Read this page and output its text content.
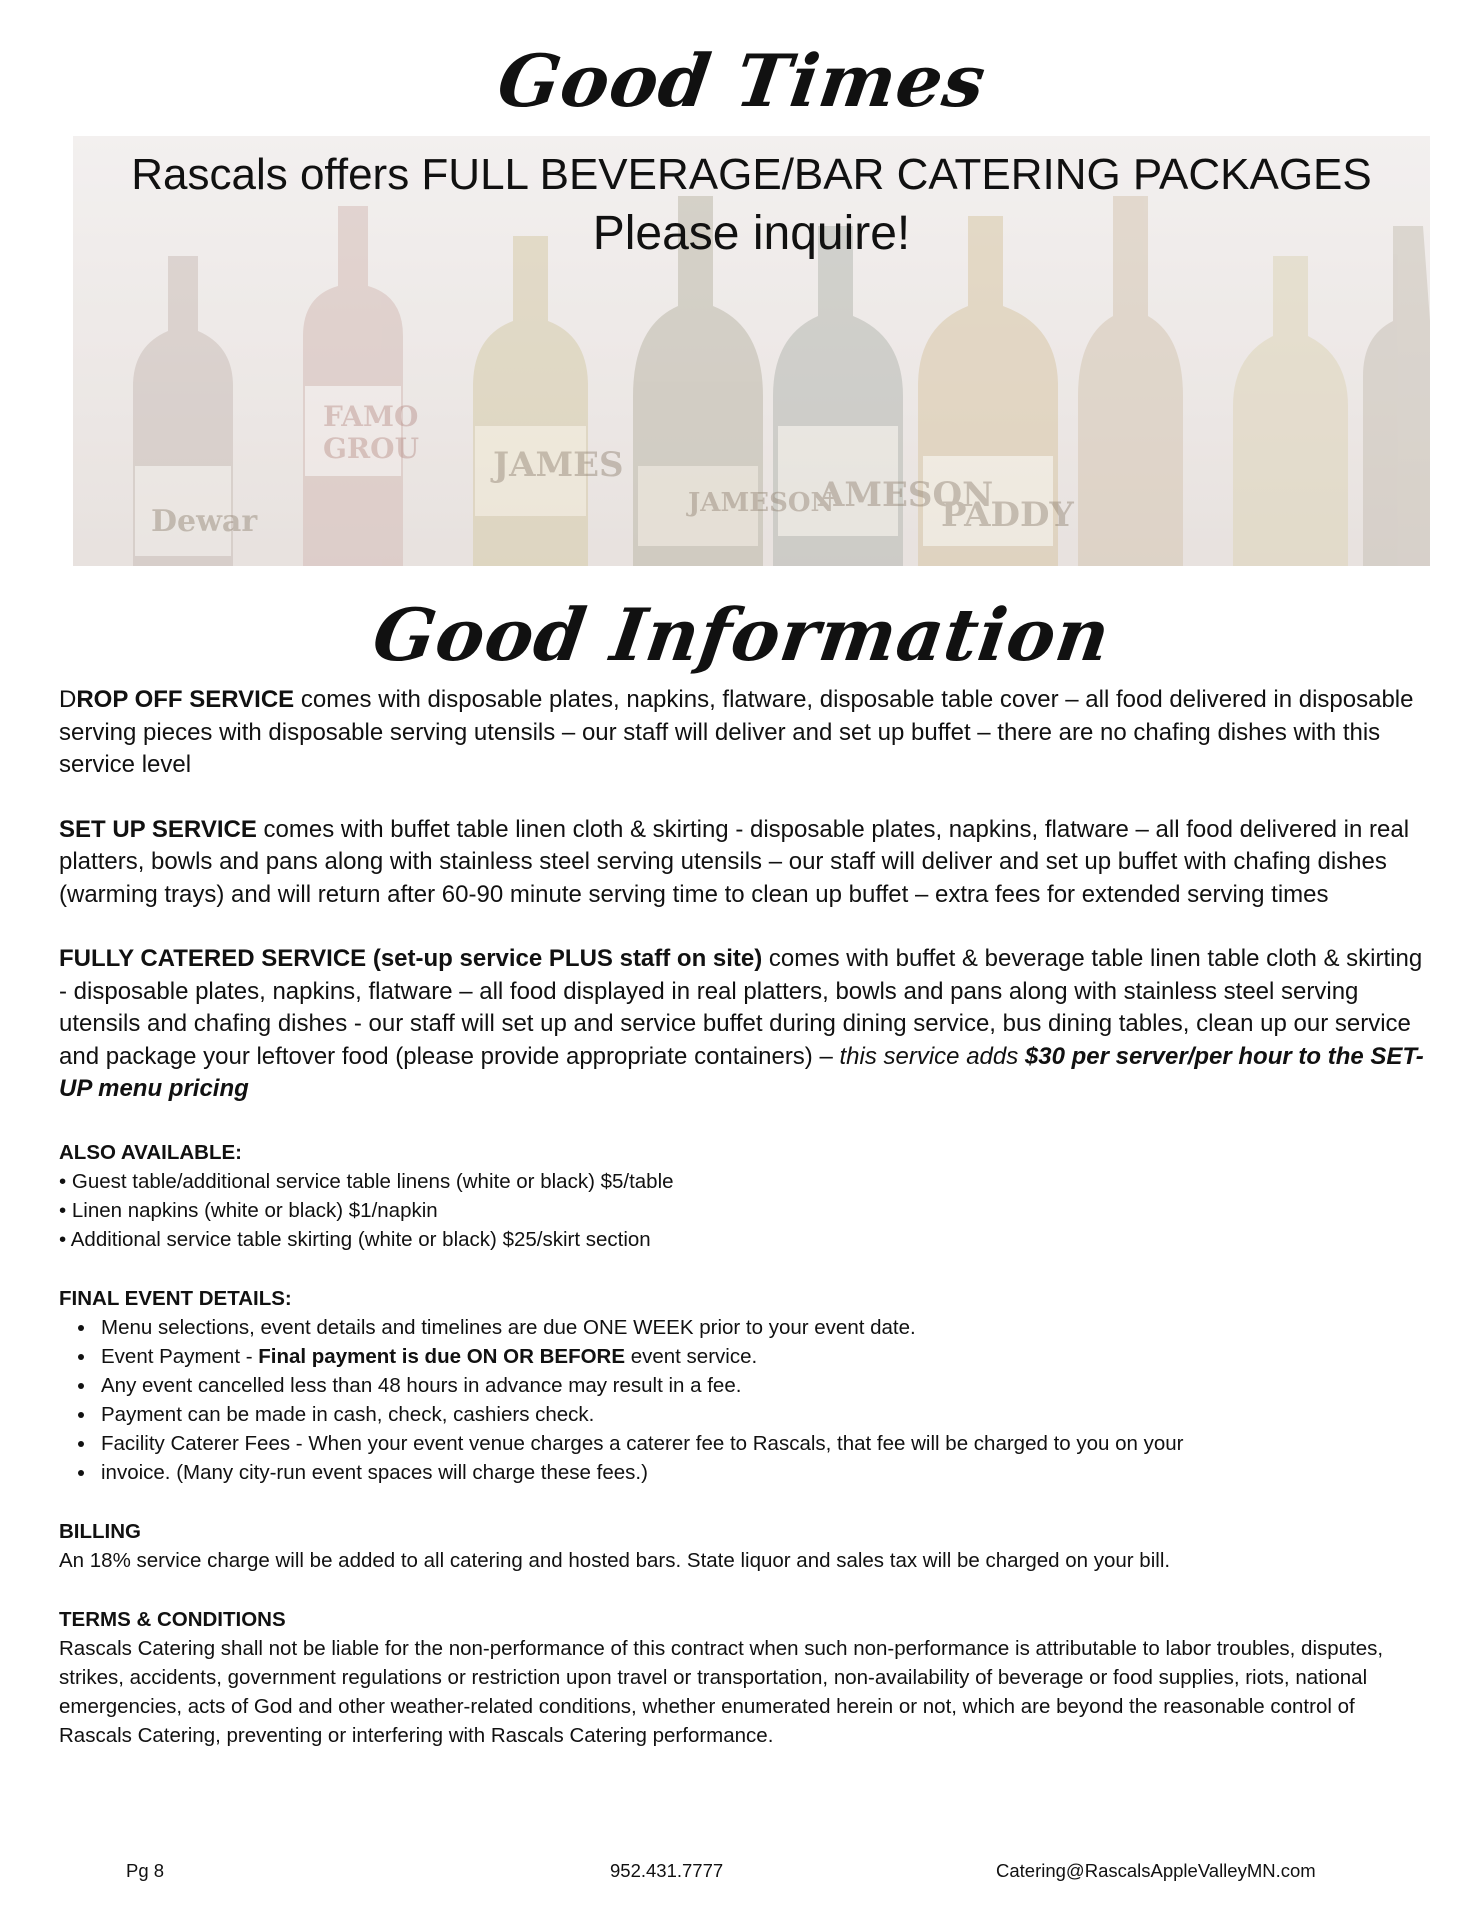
Good Times
Dewar
FAMO
GROU JAMES
JAMESON
AMESON
PADDY
Rascals offers FULL BEVERAGE/BAR CATERING PACKAGES
Please inquire!
Good Information

DROP OFF SERVICE comes with disposable plates, napkins, flatware, disposable table cover – all food delivered in disposable serving pieces with disposable serving utensils – our staff will deliver and set up buffet – there are no chafing dishes with this service level

SET UP SERVICE comes with buffet table linen cloth & skirting - disposable plates, napkins, flatware – all food delivered in real platters, bowls and pans along with stainless steel serving utensils – our staff will deliver and set up buffet with chafing dishes (warming trays) and will return after 60-90 minute serving time to clean up buffet – extra fees for extended serving times

FULLY CATERED SERVICE (set-up service PLUS staff on site) comes with buffet & beverage table linen table cloth & skirting - disposable plates, napkins, flatware – all food displayed in real platters, bowls and pans along with stainless steel serving utensils and chafing dishes - our staff will set up and service buffet during dining service, bus dining tables, clean up our service and package your leftover food (please provide appropriate containers) – this service adds $30 per server/per hour to the SET-UP menu pricing

ALSO AVAILABLE:

• Guest table/additional service table linens (white or black) $5/table
• Linen napkins (white or black) $1/napkin
• Additional service table skirting (white or black) $25/skirt section

FINAL EVENT DETAILS:

• Menu selections, event details and timelines are due ONE WEEK prior to your event date.
• Event Payment - Final payment is due ON OR BEFORE event service.
• Any event cancelled less than 48 hours in advance may result in a fee.
• Payment can be made in cash, check, cashiers check.
• Facility Caterer Fees - When your event venue charges a caterer fee to Rascals, that fee will be charged to you on your
• invoice. (Many city-run event spaces will charge these fees.)

BILLING

An 18% service charge will be added to all catering and hosted bars. State liquor and sales tax will be charged on your bill.

TERMS & CONDITIONS

Rascals Catering shall not be liable for the non-performance of this contract when such non-performance is attributable to labor troubles, disputes, strikes, accidents, government regulations or restriction upon travel or transportation, non-availability of beverage or food supplies, riots, national emergencies, acts of God and other weather-related conditions, whether enumerated herein or not, which are beyond the reasonable control of Rascals Catering, preventing or interfering with Rascals Catering performance.

Pg 8	952.431.7777	Catering@RascalsAppleValleyMN.com
